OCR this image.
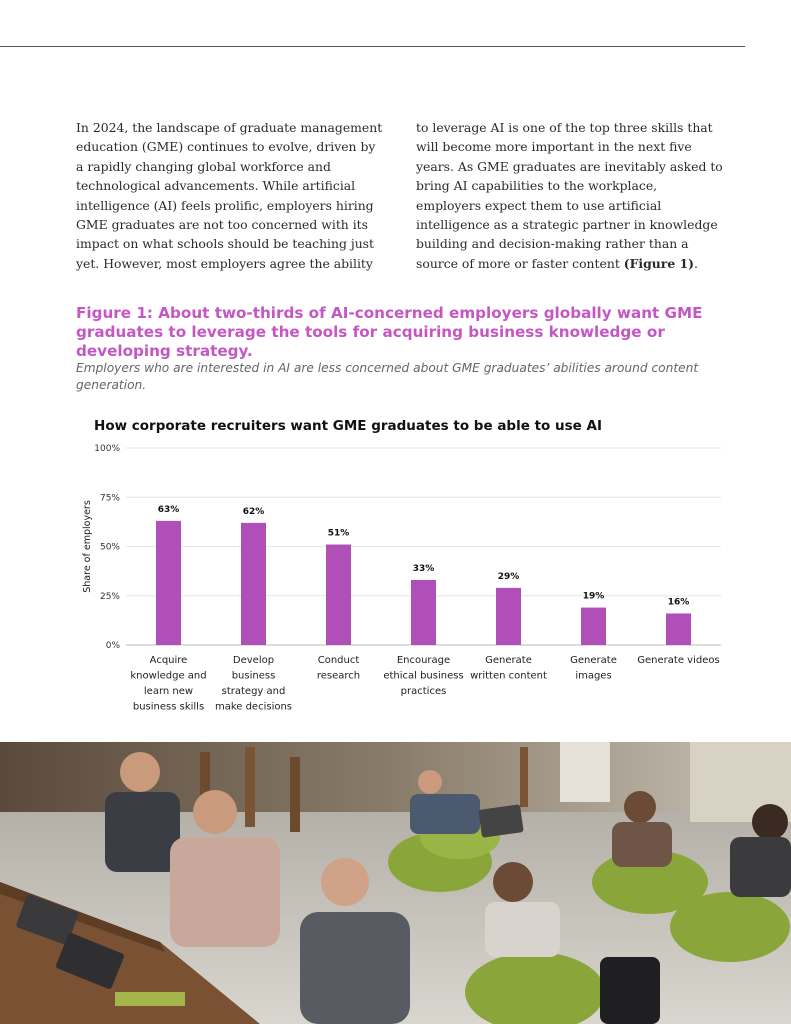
In 2024, the landscape of graduate management education (GME) continues to evolve, driven by a rapidly changing global workforce and technological advancements. While artificial intelligence (AI) feels prolific, employers hiring GME graduates are not too concerned with its impact on what schools should be teaching just yet. However, most employers agree the ability
to leverage AI is one of the top three skills that will become more important in the next five years. As GME graduates are inevitably asked to bring AI capabilities to the workplace, employers expect them to use artificial intelligence as a strategic partner in knowledge building and decision-making rather than a source of more or faster content (Figure 1).
Figure 1: About two-thirds of AI-concerned employers globally want GME graduates to leverage the tools for acquiring business knowledge or developing strategy.
Employers who are interested in AI are less concerned about GME graduates’ abilities around content generation.
How corporate recruiters want GME graduates to be able to use AI
0%
25%
50%
75%
100%
Share of employers	63%
Acquire knowledge and learn new business skills
62%
Develop business strategy and make decisions
51%
Conduct research
33%
Encourage ethical business practices
29%
Generate written content
19%
Generate images
16%
Generate videos
